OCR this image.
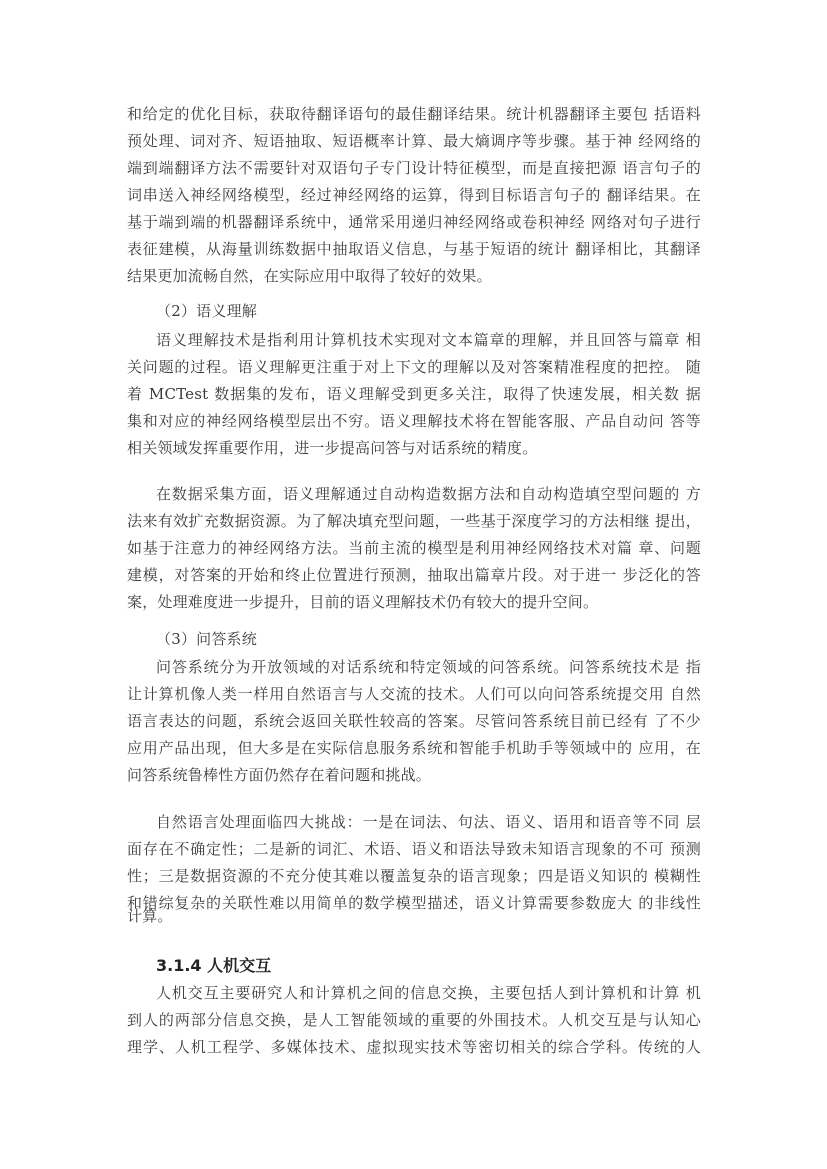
和给定的优化目标，获取待翻译语句的最佳翻译结果。统计机器翻译主要包 括语料
预处理、词对齐、短语抽取、短语概率计算、最大熵调序等步骤。基于神 经网络的
端到端翻译方法不需要针对双语句子专门设计特征模型，而是直接把源 语言句子的
词串送入神经网络模型，经过神经网络的运算，得到目标语言句子的 翻译结果。在
基于端到端的机器翻译系统中，通常采用递归神经网络或卷积神经 网络对句子进行
表征建模，从海量训练数据中抽取语义信息，与基于短语的统计 翻译相比，其翻译
结果更加流畅自然，在实际应用中取得了较好的效果。
（2）语义理解
语义理解技术是指利用计算机技术实现对文本篇章的理解，并且回答与篇章 相
关问题的过程。语义理解更注重于对上下文的理解以及对答案精准程度的把控。 随
着 MCTest 数据集的发布，语义理解受到更多关注，取得了快速发展，相关数 据
集和对应的神经网络模型层出不穷。语义理解技术将在智能客服、产品自动问 答等
相关领域发挥重要作用，进一步提高问答与对话系统的精度。
在数据采集方面，语义理解通过自动构造数据方法和自动构造填空型问题的 方
法来有效扩充数据资源。为了解决填充型问题，一些基于深度学习的方法相继 提出，
如基于注意力的神经网络方法。当前主流的模型是利用神经网络技术对篇 章、问题
建模，对答案的开始和终止位置进行预测，抽取出篇章片段。对于进一 步泛化的答
案，处理难度进一步提升，目前的语义理解技术仍有较大的提升空间。
（3）问答系统
问答系统分为开放领域的对话系统和特定领域的问答系统。问答系统技术是 指
让计算机像人类一样用自然语言与人交流的技术。人们可以向问答系统提交用 自然
语言表达的问题，系统会返回关联性较高的答案。尽管问答系统目前已经有 了不少
应用产品出现，但大多是在实际信息服务系统和智能手机助手等领域中的 应用，在
问答系统鲁棒性方面仍然存在着问题和挑战。
自然语言处理面临四大挑战：一是在词法、句法、语义、语用和语音等不同 层
面存在不确定性；二是新的词汇、术语、语义和语法导致未知语言现象的不可 预测
性；三是数据资源的不充分使其难以覆盖复杂的语言现象；四是语义知识的 模糊性
和错综复杂的关联性难以用简单的数学模型描述，语义计算需要参数庞大 的非线性
计算。
3.1.4 人机交互
人机交互主要研究人和计算机之间的信息交换，主要包括人到计算机和计算 机
到人的两部分信息交换，是人工智能领域的重要的外围技术。人机交互是与认知心
理学、人机工程学、多媒体技术、虚拟现实技术等密切相关的综合学科。传统的人
